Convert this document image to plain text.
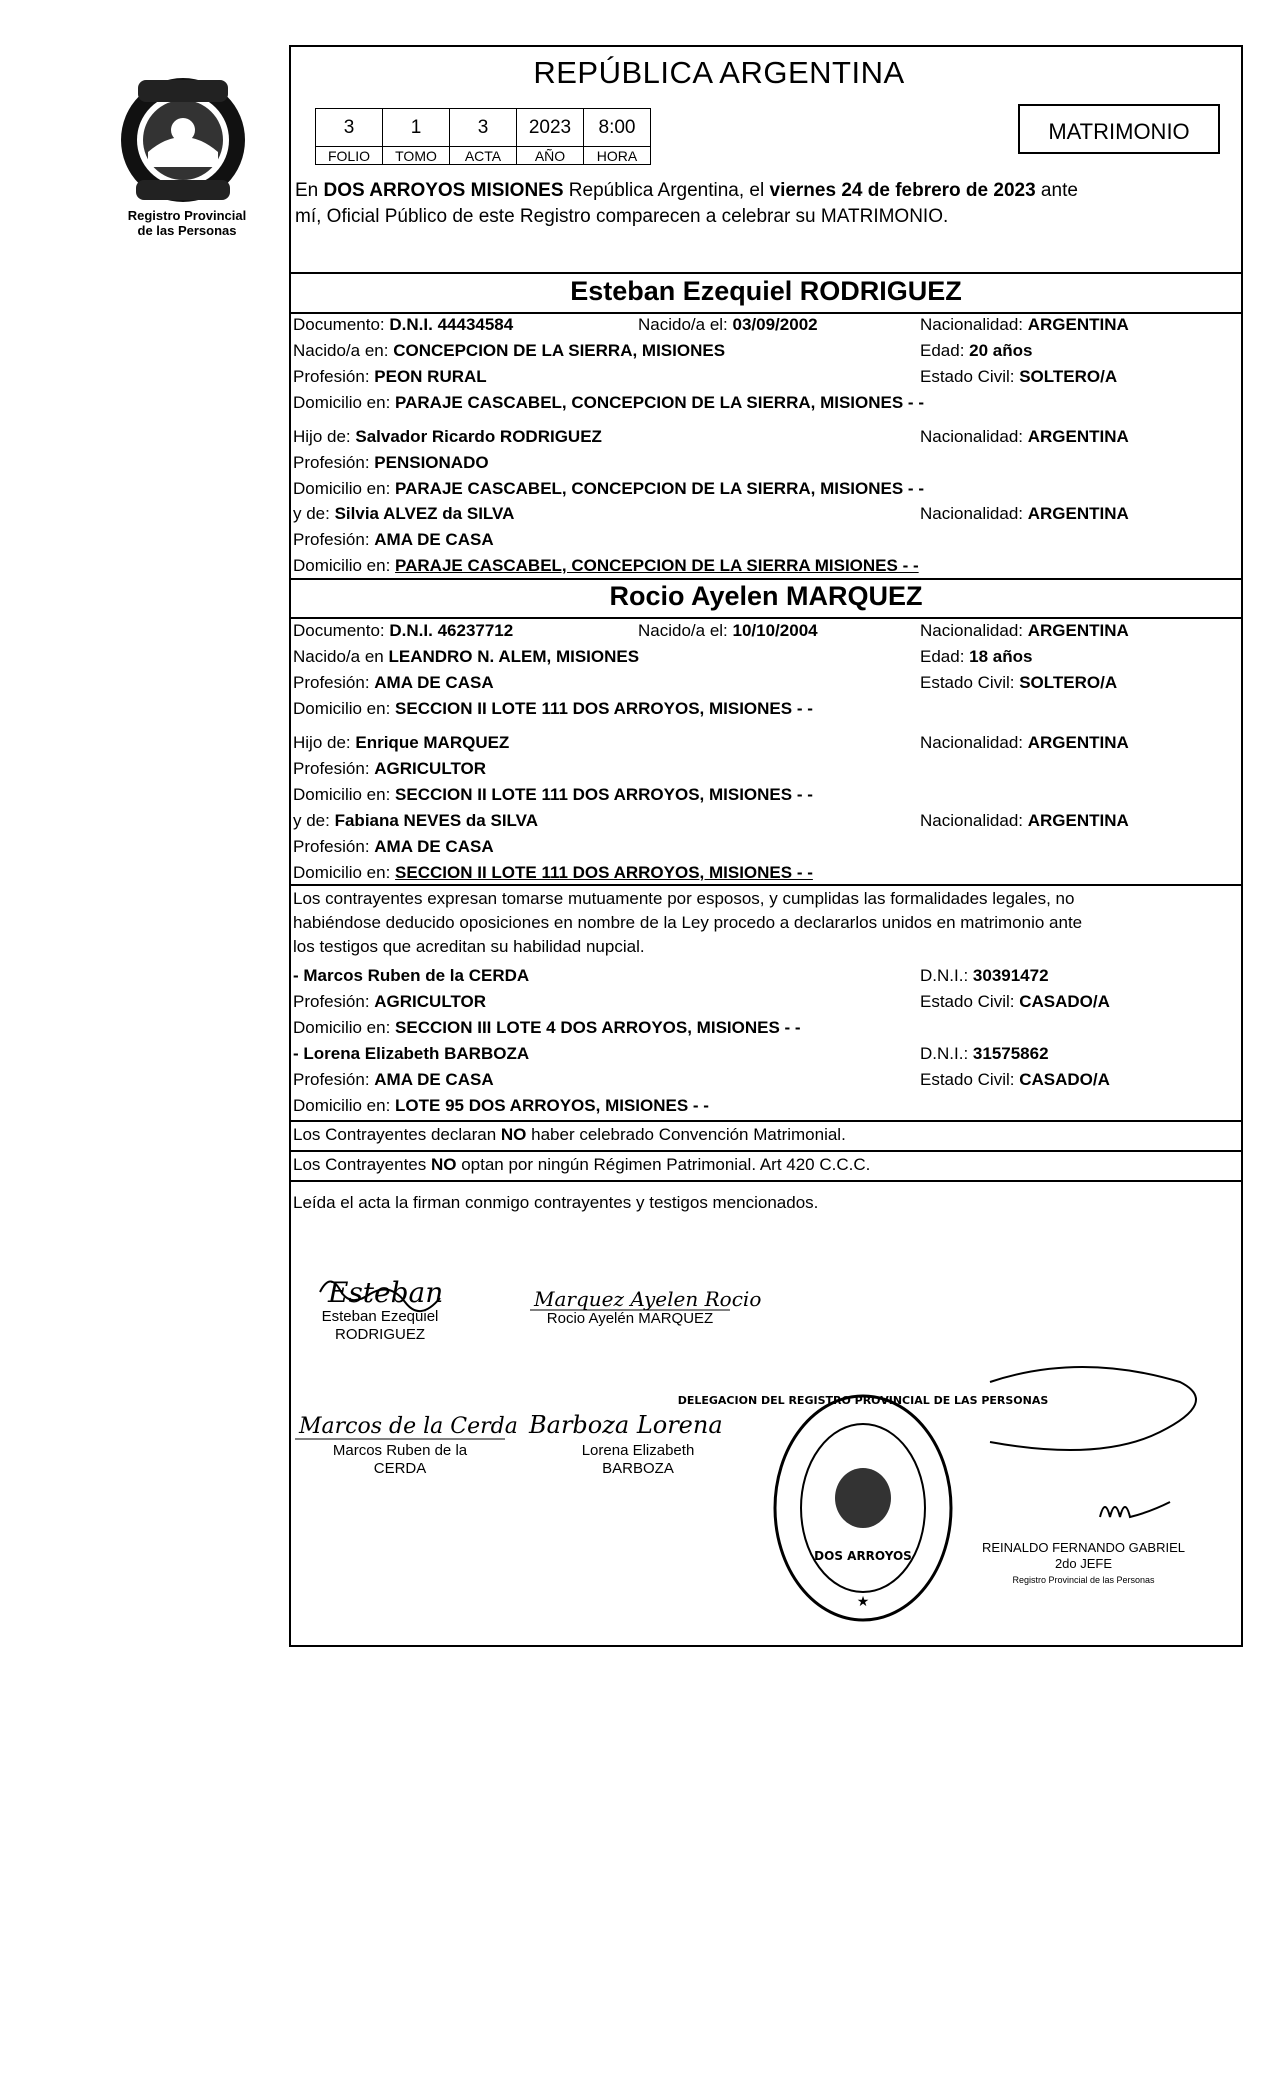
Registro Provincial
de las Personas
REPÚBLICA ARGENTINA
3	1	3	2023	8:00
FOLIO	TOMO	ACTA	AÑO	HORA
MATRIMONIO
En DOS ARROYOS MISIONES República Argentina, el viernes 24 de febrero de 2023 ante
mí, Oficial Público de este Registro comparecen a celebrar su MATRIMONIO.
Esteban Ezequiel RODRIGUEZ
Documento: D.N.I. 44434584	Nacido/a el: 03/09/2002	Nacionalidad: ARGENTINA
Nacido/a en: CONCEPCION DE LA SIERRA, MISIONES	Edad: 20 años
Profesión: PEON RURAL	Estado Civil: SOLTERO/A
Domicilio en: PARAJE CASCABEL, CONCEPCION DE LA SIERRA, MISIONES - -
Hijo de: Salvador Ricardo RODRIGUEZ	Nacionalidad: ARGENTINA
Profesión: PENSIONADO
Domicilio en: PARAJE CASCABEL, CONCEPCION DE LA SIERRA, MISIONES - -
y de: Silvia ALVEZ da SILVA	Nacionalidad: ARGENTINA
Profesión: AMA DE CASA
Domicilio en: PARAJE CASCABEL, CONCEPCION DE LA SIERRA MISIONES - -
Rocio Ayelen MARQUEZ
Documento: D.N.I. 46237712	Nacido/a el: 10/10/2004	Nacionalidad: ARGENTINA
Nacido/a en LEANDRO N. ALEM, MISIONES	Edad: 18 años
Profesión: AMA DE CASA	Estado Civil: SOLTERO/A
Domicilio en: SECCION II LOTE 111 DOS ARROYOS, MISIONES - -
Hijo de: Enrique MARQUEZ	Nacionalidad: ARGENTINA
Profesión: AGRICULTOR
Domicilio en: SECCION II LOTE 111 DOS ARROYOS, MISIONES - -
y de: Fabiana NEVES da SILVA	Nacionalidad: ARGENTINA
Profesión: AMA DE CASA
Domicilio en: SECCION II LOTE 111 DOS ARROYOS, MISIONES - -
Los contrayentes expresan tomarse mutuamente por esposos, y cumplidas las formalidades legales, no
habiéndose deducido oposiciones en nombre de la Ley procedo a declararlos unidos en matrimonio ante
los testigos que acreditan su habilidad nupcial.
- Marcos Ruben de la CERDA	D.N.I.: 30391472
Profesión: AGRICULTOR	Estado Civil: CASADO/A
Domicilio en: SECCION III LOTE 4 DOS ARROYOS, MISIONES - -
- Lorena Elizabeth BARBOZA	D.N.I.: 31575862
Profesión: AMA DE CASA	Estado Civil: CASADO/A
Domicilio en: LOTE 95 DOS ARROYOS, MISIONES - -
Los Contrayentes declaran NO haber celebrado Convención Matrimonial.
Los Contrayentes NO optan por ningún Régimen Patrimonial. Art 420 C.C.C.
Leída el acta la firman conmigo contrayentes y testigos mencionados.
Esteban
Esteban Ezequiel
RODRIGUEZ
Marquez Ayelen Rocio
Rocio Ayelén MARQUEZ
Marcos de la Cerda
Marcos Ruben de la
CERDA
Barboza Lorena
Lorena Elizabeth
BARBOZA
DELEGACION DEL REGISTRO PROVINCIAL DE LAS PERSONAS
DOS ARROYOS
★
REINALDO FERNANDO GABRIEL
2do JEFE
Registro Provincial de las Personas
